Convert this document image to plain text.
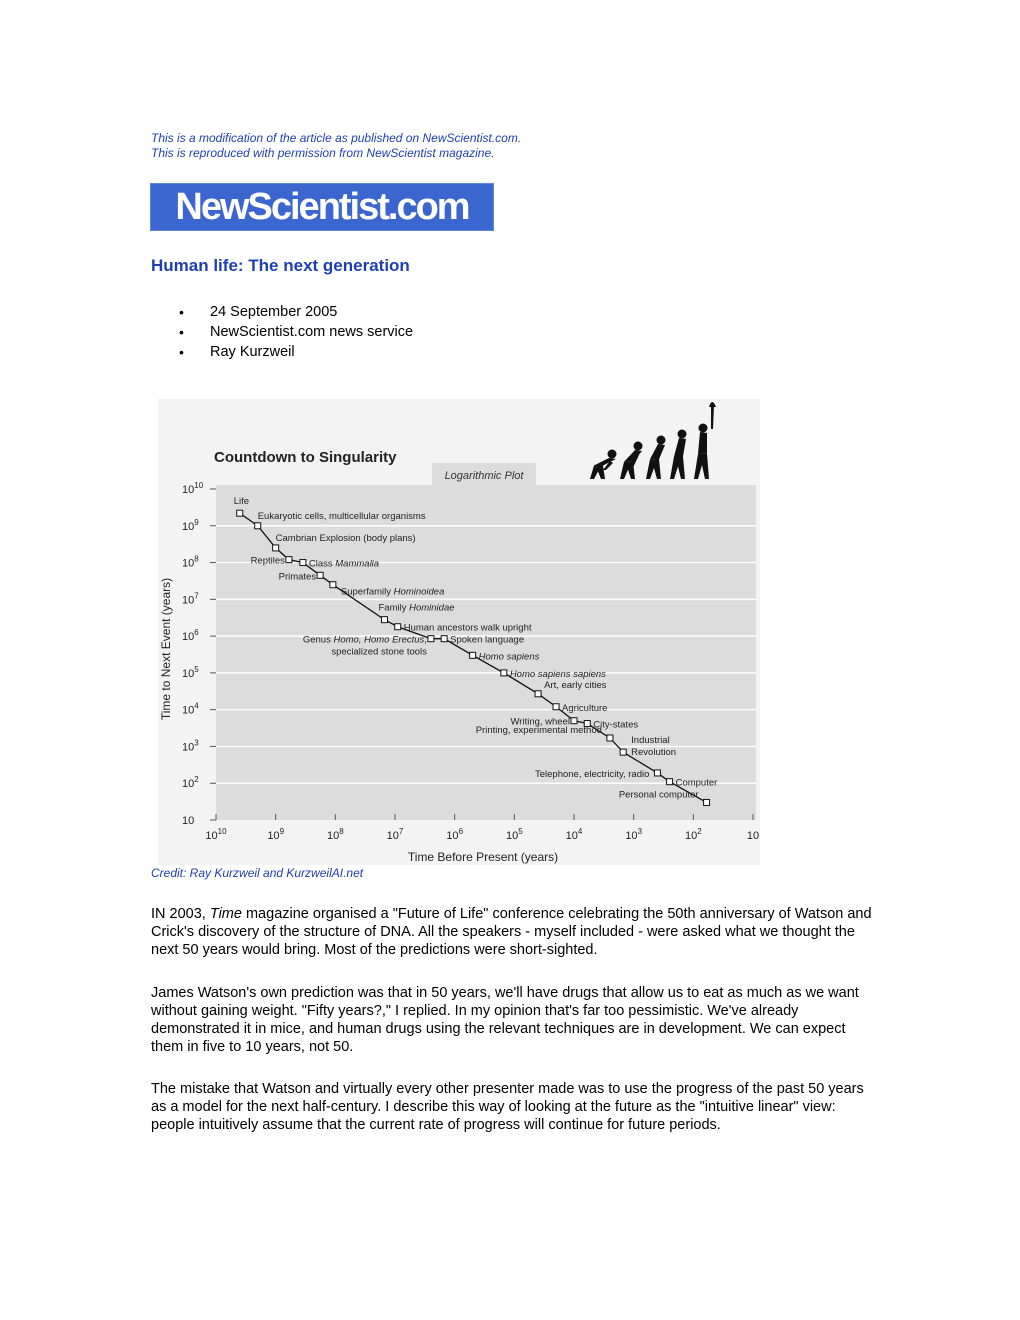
This is a modification of the article as published on NewScientist.com.
This is reproduced with permission from NewScientist magazine.
NewScientist.com
Human life: The next generation
• 24 September 2005
• NewScientist.com news service
• Ray Kurzweil
Logarithmic Plot
Countdown to Singularity
$10^{10}$
$10^9$
$10^8$
$10^7$
$10^6$
$10^5$
$10^4$
$10^3$
$10^2$
10
$10^{10}$	$10^9$	$10^8$	$10^7$	$10^6$	$10^5$	$10^4$	$10^3$	$10^2$	10
Time Before Present (years)
Time to Next Event (years)
Life
Eukaryotic cells, multicellular organisms
Cambrian Explosion (body plans)
Reptiles	Class Mammalia
Primates
Superfamily Hominoidea
Family Hominidae
Human ancestors walk upright
Genus Homo, Homo Erectus, specialized stone tools
Spoken language
Homo sapiens
Homo sapiens sapiens
Art, early cities
Agriculture
Writing, wheel City-states
Printing, experimental method
Industrial Revolution
Telephone, electricity, radio
Computer
Personal computer
Credit: Ray Kurzweil and KurzweilAI.net

IN 2003, Time magazine organised a "Future of Life" conference celebrating the 50th anniversary of Watson and Crick's discovery of the structure of DNA. All the speakers - myself included - were asked what we thought the next 50 years would bring. Most of the predictions were short-sighted.

James Watson's own prediction was that in 50 years, we'll have drugs that allow us to eat as much as we want without gaining weight. "Fifty years?," I replied. In my opinion that's far too pessimistic. We've already demonstrated it in mice, and human drugs using the relevant techniques are in development. We can expect them in five to 10 years, not 50.

The mistake that Watson and virtually every other presenter made was to use the progress of the past 50 years as a model for the next half-century. I describe this way of looking at the future as the "intuitive linear" view: people intuitively assume that the current rate of progress will continue for future periods.
